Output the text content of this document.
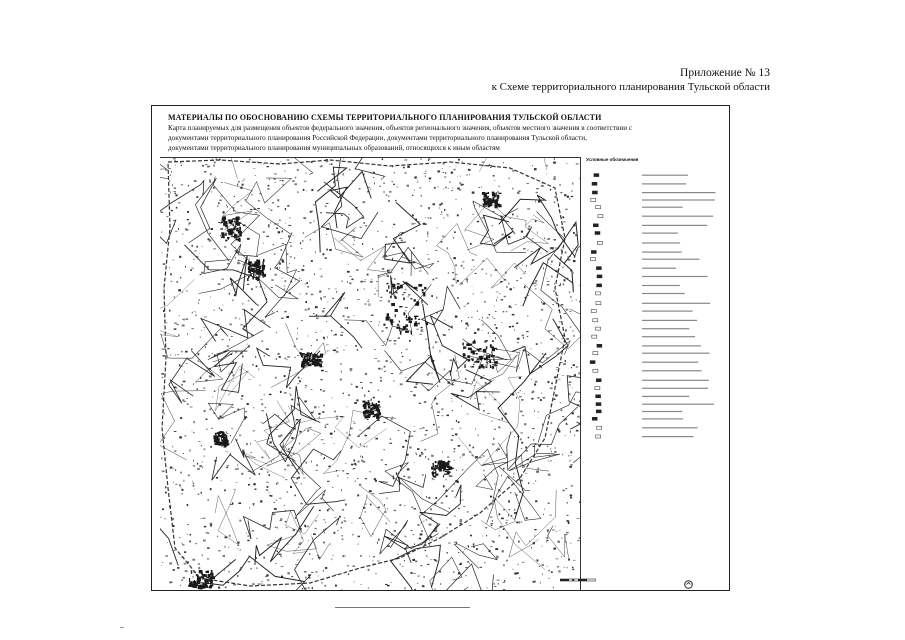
Приложение № 13
к Схеме территориального планирования Тульской области
МАТЕРИАЛЫ ПО ОБОСНОВАНИЮ СХЕМЫ ТЕРРИТОРИАЛЬНОГО ПЛАНИРОВАНИЯ ТУЛЬСКОЙ ОБЛАСТИ
Карта планируемых для размещения объектов федерального значения, объектов регионального значения, объектов местного значения в соответствии с
документами территориального планирования Российской Федерации, документами территориального планирования Тульской области,
документами территориального планирования муниципальных образований, относящихся к иным областям
Условные обозначения
